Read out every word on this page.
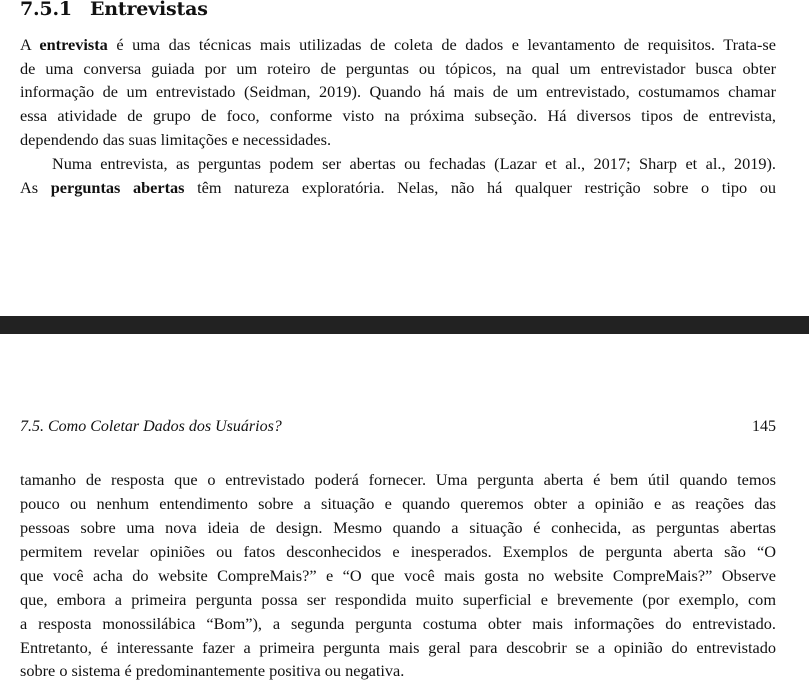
7.5.1 Entrevistas
A entrevista é uma das técnicas mais utilizadas de coleta de dados e levantamento de requisitos. Trata-se
de uma conversa guiada por um roteiro de perguntas ou tópicos, na qual um entrevistador busca obter
informação de um entrevistado (Seidman, 2019). Quando há mais de um entrevistado, costumamos chamar
essa atividade de grupo de foco, conforme visto na próxima subseção. Há diversos tipos de entrevista,
dependendo das suas limitações e necessidades.
Numa entrevista, as perguntas podem ser abertas ou fechadas (Lazar et al., 2017; Sharp et al., 2019).
As perguntas abertas têm natureza exploratória. Nelas, não há qualquer restrição sobre o tipo ou
7.5. Como Coletar Dados dos Usuários?	145
tamanho de resposta que o entrevistado poderá fornecer. Uma pergunta aberta é bem útil quando temos
pouco ou nenhum entendimento sobre a situação e quando queremos obter a opinião e as reações das
pessoas sobre uma nova ideia de design. Mesmo quando a situação é conhecida, as perguntas abertas
permitem revelar opiniões ou fatos desconhecidos e inesperados. Exemplos de pergunta aberta são “O
que você acha do website CompreMais?” e “O que você mais gosta no website CompreMais?” Observe
que, embora a primeira pergunta possa ser respondida muito superficial e brevemente (por exemplo, com
a resposta monossilábica “Bom”), a segunda pergunta costuma obter mais informações do entrevistado.
Entretanto, é interessante fazer a primeira pergunta mais geral para descobrir se a opinião do entrevistado
sobre o sistema é predominantemente positiva ou negativa.
